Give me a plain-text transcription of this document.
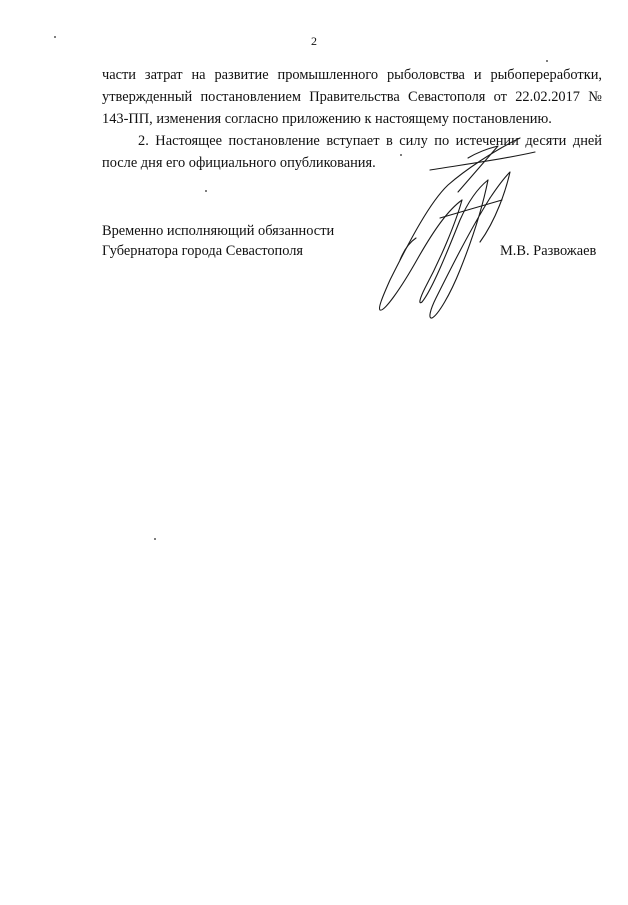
2
части затрат на развитие промышленного рыболовства и рыбопереработки, утвержденный постановлением Правительства Севастополя от 22.02.2017 № 143-ПП, изменения согласно приложению к настоящему постановлению.
2. Настоящее постановление вступает в силу по истечении десяти дней после дня его официального опубликования.
Временно исполняющий обязанности
Губернатора города Севастополя	М.В. Развожаев
